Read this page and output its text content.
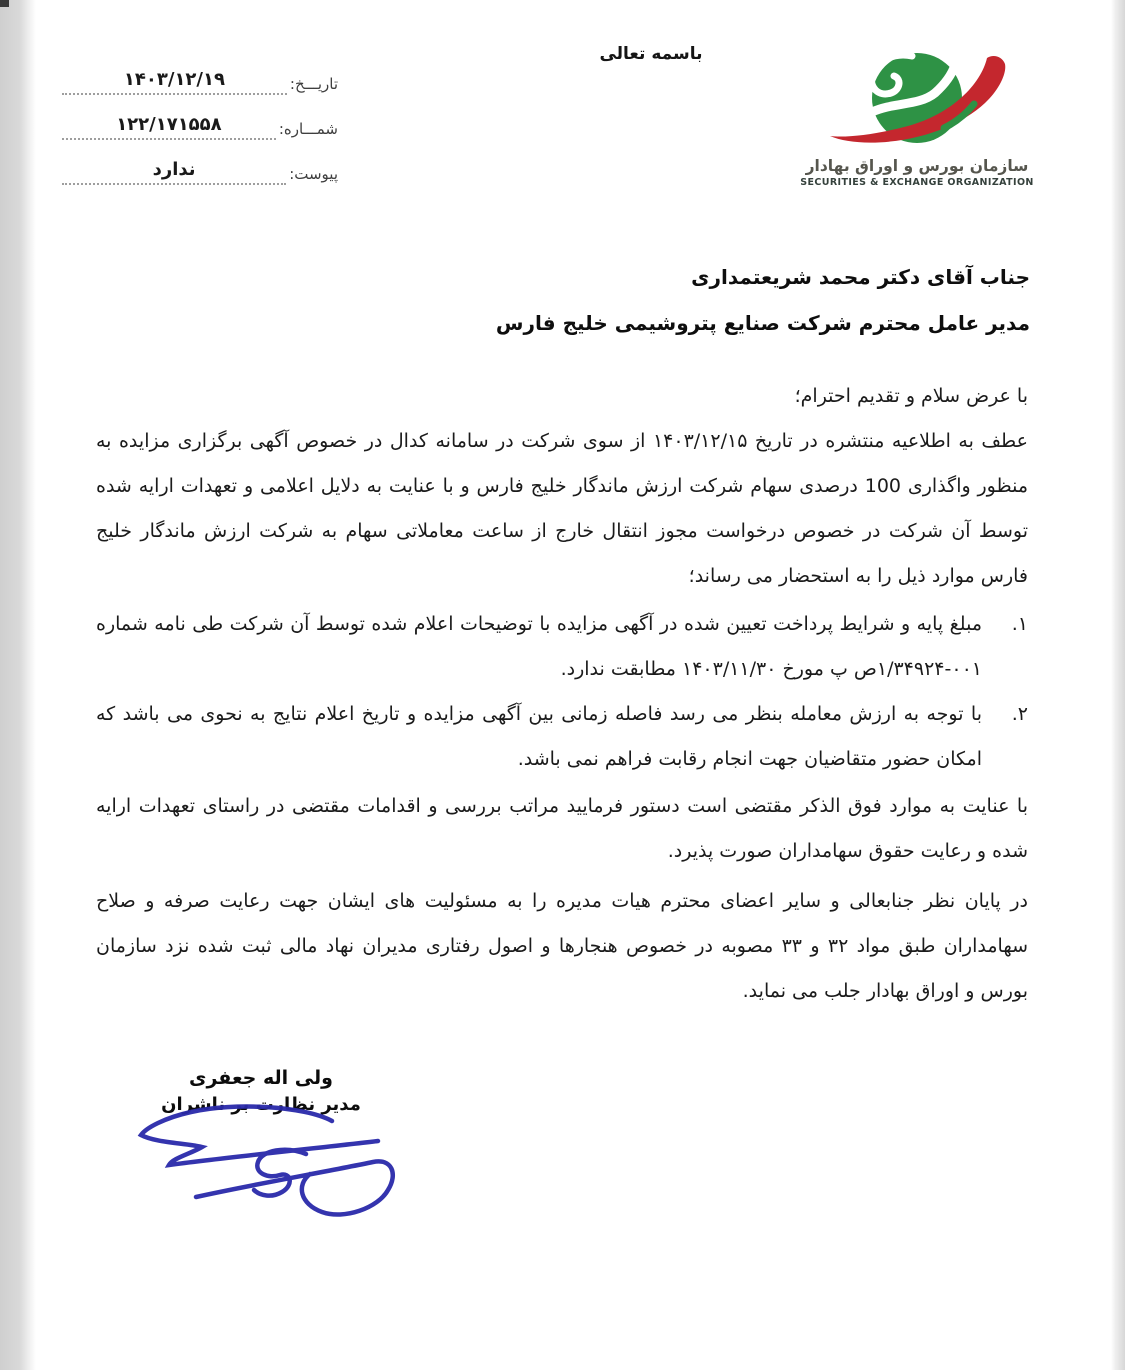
باسمه تعالی
تاریـــخ:
۱۴۰۳/۱۲/۱۹
شمـــاره:
۱۲۲/۱۷۱۵۵۸
پیوست:
ندارد	سازمان بورس و اوراق بهادار
SECURITIES & EXCHANGE ORGANIZATION
جناب آقای دکتر محمد شریعتمداری
مدیر عامل محترم شرکت صنایع پتروشیمی خلیج فارس
با عرض سلام و تقدیم احترام؛
عطف به اطلاعیه منتشره در تاریخ ۱۴۰۳/۱۲/۱۵ از سوی شرکت در سامانه کدال در خصوص آگهی برگزاری مزایده به منظور واگذاری 100 درصدی سهام شرکت ارزش ماندگار خلیج فارس و با عنایت به دلایل اعلامی و تعهدات ارایه شده توسط آن شرکت در خصوص درخواست مجوز انتقال خارج از ساعت معاملاتی سهام به شرکت ارزش ماندگار خلیج فارس موارد ذیل را به استحضار می رساند؛
۱.
مبلغ پایه و شرایط پرداخت تعیین شده در آگهی مزایده با توضیحات اعلام شده توسط آن شرکت طی نامه شماره ۰۰۱-۱/۳۴۹۲۴ص پ مورخ ۱۴۰۳/۱۱/۳۰ مطابقت ندارد.
۲.
با توجه به ارزش معامله بنظر می رسد فاصله زمانی بین آگهی مزایده و تاریخ اعلام نتایج به نحوی می باشد که امکان حضور متقاضیان جهت انجام رقابت فراهم نمی باشد.
با عنایت به موارد فوق الذکر مقتضی است دستور فرمایید مراتب بررسی و اقدامات مقتضی در راستای تعهدات ارایه شده و رعایت حقوق سهامداران صورت پذیرد.
در پایان نظر جنابعالی و سایر اعضای محترم هیات مدیره را به مسئولیت های ایشان جهت رعایت صرفه و صلاح سهامداران طبق مواد ۳۲ و ۳۳ مصوبه در خصوص هنجارها و اصول رفتاری مدیران نهاد مالی ثبت شده نزد سازمان بورس و اوراق بهادار جلب می نماید.
ولی اله جعفری
مدیر نظارت بر ناشران
